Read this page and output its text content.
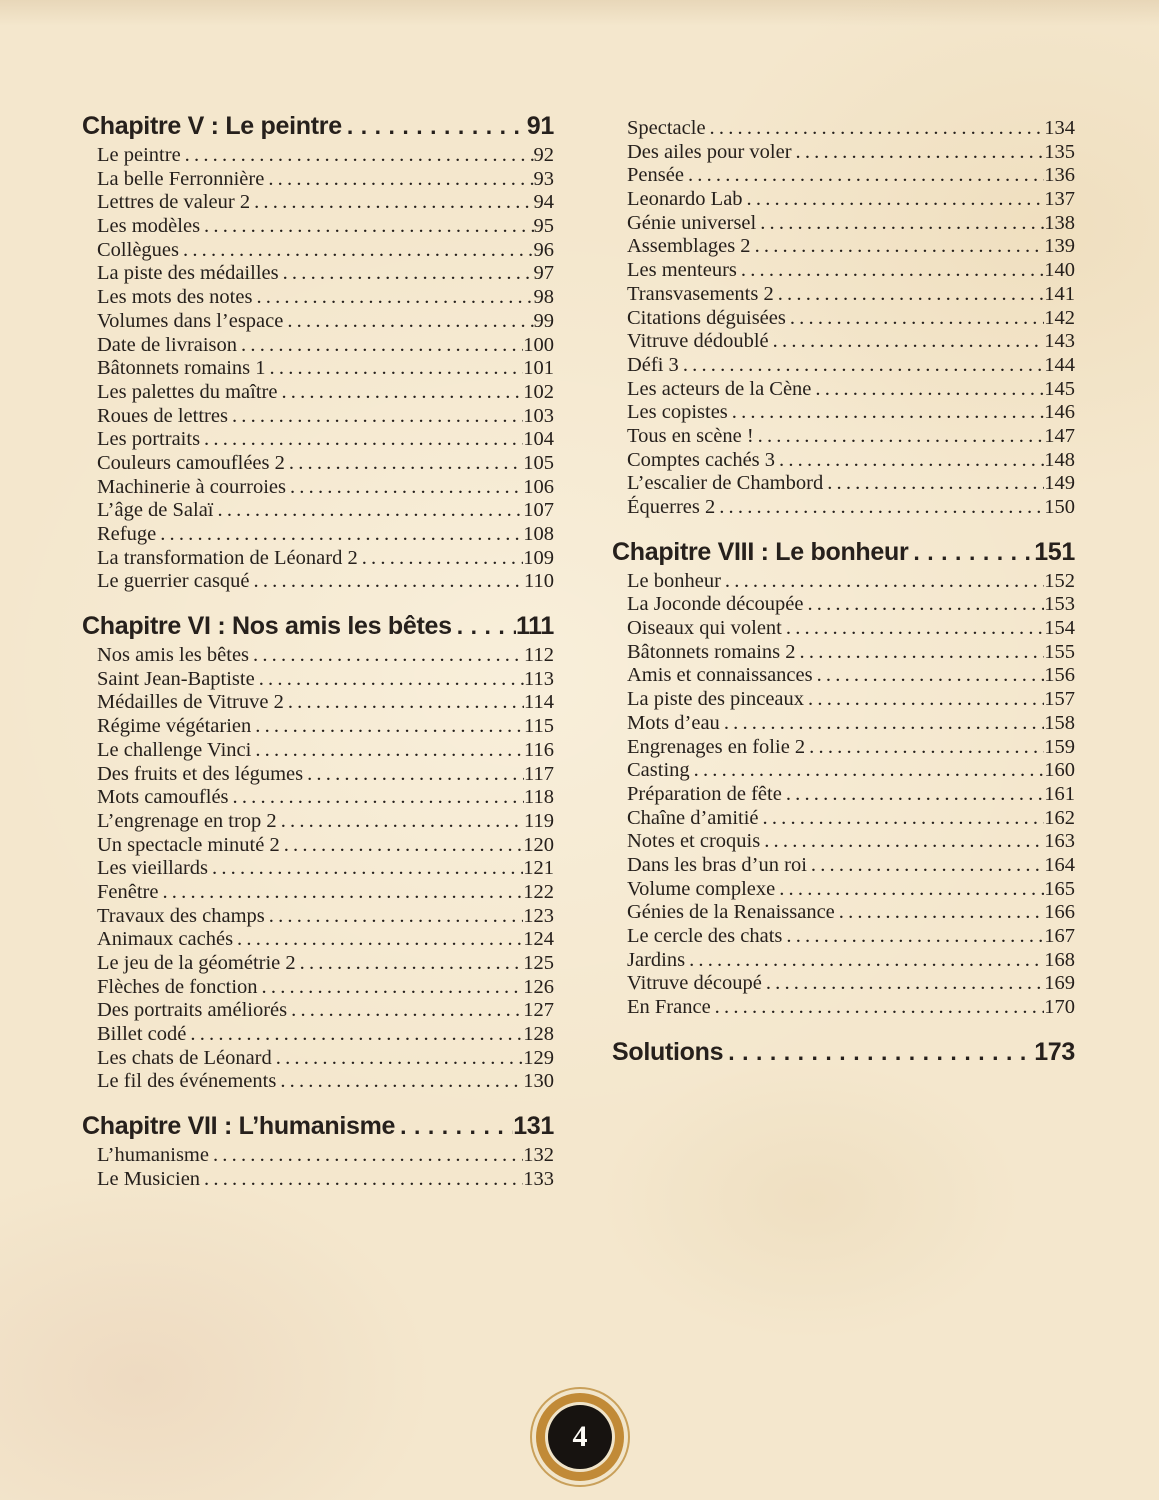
Chapitre V : Le peintre .....	91
Le peintre .....	92
La belle Ferronnière .....	93
Lettres de valeur 2 .....	94
Les modèles .....	95
Collègues .....	96
La piste des médailles .....	97
Les mots des notes .....	98
Volumes dans l’espace .....	99
Date de livraison .....	100
Bâtonnets romains 1 .....	101
Les palettes du maître .....	102
Roues de lettres .....	103
Les portraits .....	104
Couleurs camouflées 2 .....	105
Machinerie à courroies .....	106
L’âge de Salaï .....	107
Refuge .....	108
La transformation de Léonard 2 .....	109
Le guerrier casqué .....	110
Chapitre VI : Nos amis les bêtes .....	111
Nos amis les bêtes .....	112
Saint Jean-Baptiste .....	113
Médailles de Vitruve 2 .....	114
Régime végétarien .....	115
Le challenge Vinci .....	116
Des fruits et des légumes .....	117
Mots camouflés .....	118
L’engrenage en trop 2 .....	119
Un spectacle minuté 2 .....	120
Les vieillards .....	121
Fenêtre .....	122
Travaux des champs .....	123
Animaux cachés .....	124
Le jeu de la géométrie 2 .....	125
Flèches de fonction .....	126
Des portraits améliorés .....	127
Billet codé .....	128
Les chats de Léonard .....	129
Le fil des événements .....	130
Chapitre VII : L’humanisme .....	131
L’humanisme .....	132
Le Musicien .....	133
Spectacle .....	134
Des ailes pour voler .....	135
Pensée .....	136
Leonardo Lab .....	137
Génie universel .....	138
Assemblages 2 .....	139
Les menteurs .....	140
Transvasements 2 .....	141
Citations déguisées .....	142
Vitruve dédoublé .....	143
Défi 3 .....	144
Les acteurs de la Cène .....	145
Les copistes .....	146
Tous en scène ! .....	147
Comptes cachés 3 .....	148
L’escalier de Chambord .....	149
Équerres 2 .....	150
Chapitre VIII : Le bonheur .....	151
Le bonheur .....	152
La Joconde découpée .....	153
Oiseaux qui volent .....	154
Bâtonnets romains 2 .....	155
Amis et connaissances .....	156
La piste des pinceaux .....	157
Mots d’eau .....	158
Engrenages en folie 2 .....	159
Casting .....	160
Préparation de fête .....	161
Chaîne d’amitié .....	162
Notes et croquis .....	163
Dans les bras d’un roi .....	164
Volume complexe .....	165
Génies de la Renaissance .....	166
Le cercle des chats .....	167
Jardins .....	168
Vitruve découpé .....	169
En France .....	170
Solutions .....	173
4
